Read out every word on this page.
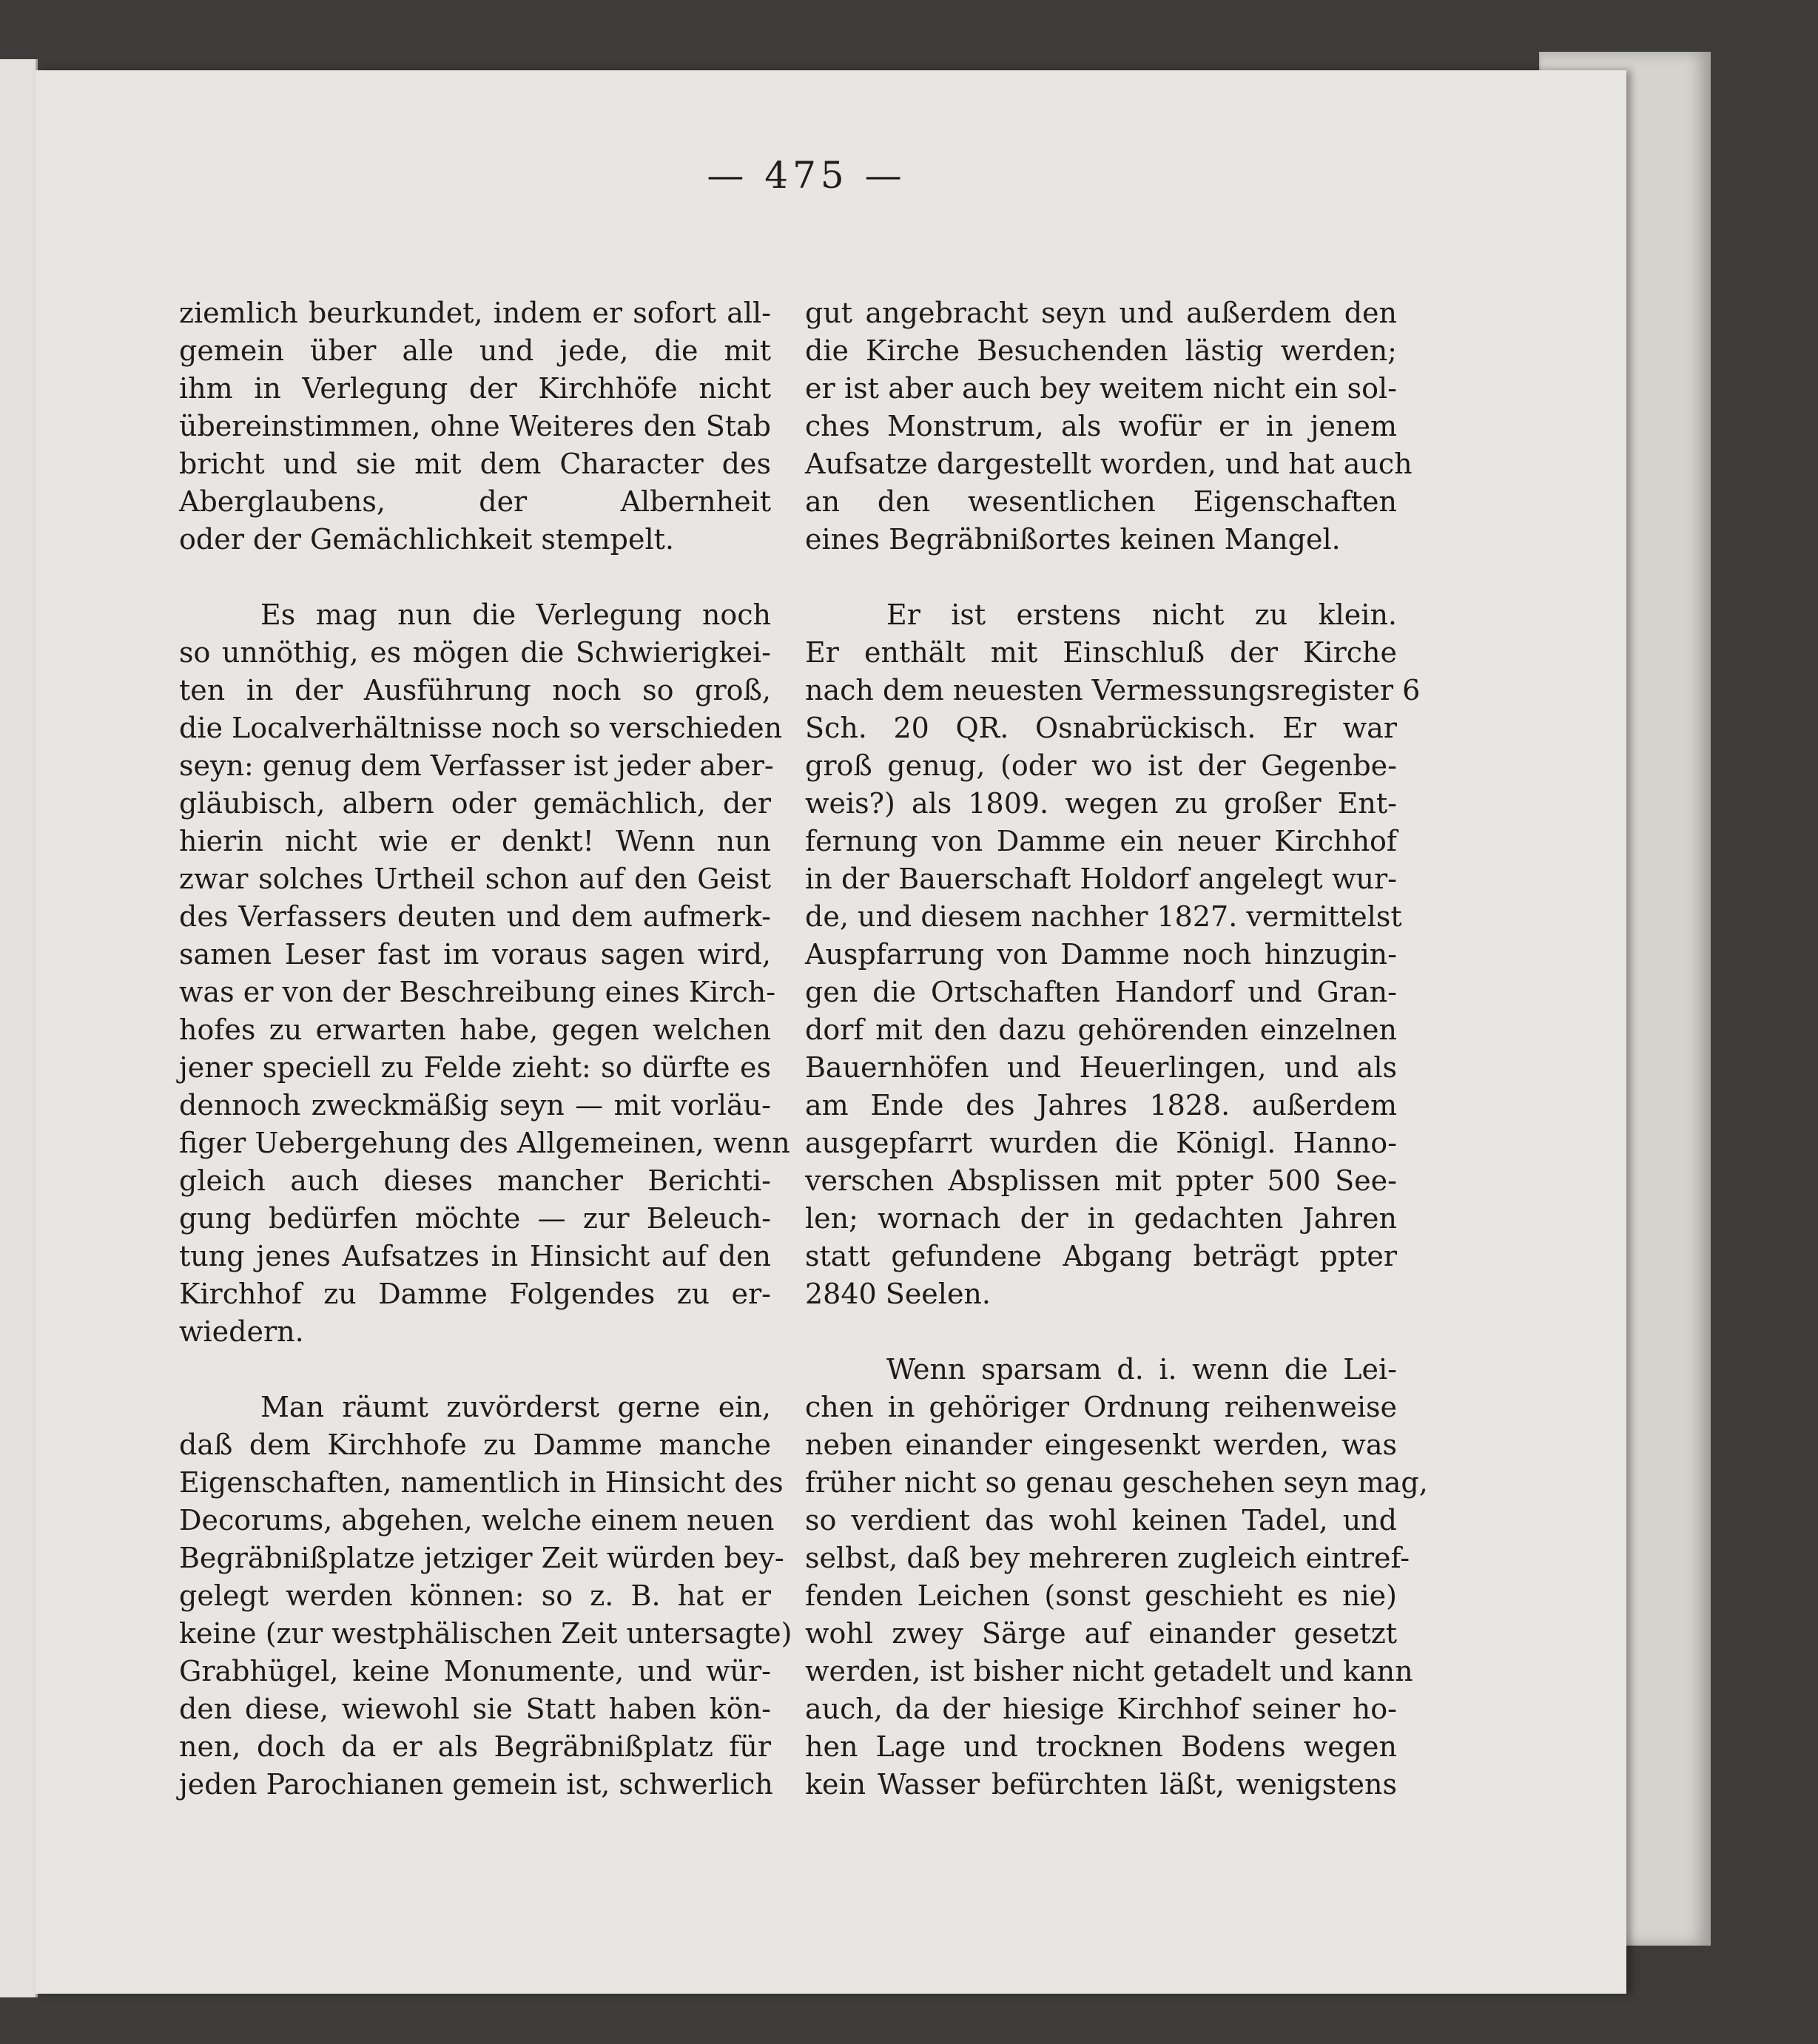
— 475 —
ziemlich beurkundet, indem er sofort all-
gemein über alle und jede, die mit
ihm in Verlegung der Kirchhöfe nicht
übereinstimmen, ohne Weiteres den Stab
bricht und sie mit dem Character des
Aberglaubens, der Albernheit
oder der Gemächlichkeit stempelt.
Es mag nun die Verlegung noch
so unnöthig, es mögen die Schwierigkei-
ten in der Ausführung noch so groß,
die Localverhältnisse noch so verschieden
seyn: genug dem Verfasser ist jeder aber-
gläubisch, albern oder gemächlich, der
hierin nicht wie er denkt! Wenn nun
zwar solches Urtheil schon auf den Geist
des Verfassers deuten und dem aufmerk-
samen Leser fast im voraus sagen wird,
was er von der Beschreibung eines Kirch-
hofes zu erwarten habe, gegen welchen
jener speciell zu Felde zieht: so dürfte es
dennoch zweckmäßig seyn — mit vorläu-
figer Uebergehung des Allgemeinen, wenn
gleich auch dieses mancher Berichti-
gung bedürfen möchte — zur Beleuch-
tung jenes Aufsatzes in Hinsicht auf den
Kirchhof zu Damme Folgendes zu er-
wiedern.
Man räumt zuvörderst gerne ein,
daß dem Kirchhofe zu Damme manche
Eigenschaften, namentlich in Hinsicht des
Decorums, abgehen, welche einem neuen
Begräbnißplatze jetziger Zeit würden bey-
gelegt werden können: so z. B. hat er
keine (zur westphälischen Zeit untersagte)
Grabhügel, keine Monumente, und wür-
den diese, wiewohl sie Statt haben kön-
nen, doch da er als Begräbnißplatz für
jeden Parochianen gemein ist, schwerlich
gut angebracht seyn und außerdem den
die Kirche Besuchenden lästig werden;
er ist aber auch bey weitem nicht ein sol-
ches Monstrum, als wofür er in jenem
Aufsatze dargestellt worden, und hat auch
an den wesentlichen Eigenschaften
eines Begräbnißortes keinen Mangel.
Er ist erstens nicht zu klein.
Er enthält mit Einschluß der Kirche
nach dem neuesten Vermessungsregister 6
Sch. 20 QR. Osnabrückisch. Er war
groß genug, (oder wo ist der Gegenbe-
weis?) als 1809. wegen zu großer Ent-
fernung von Damme ein neuer Kirchhof
in der Bauerschaft Holdorf angelegt wur-
de, und diesem nachher 1827. vermittelst
Auspfarrung von Damme noch hinzugin-
gen die Ortschaften Handorf und Gran-
dorf mit den dazu gehörenden einzelnen
Bauernhöfen und Heuerlingen, und als
am Ende des Jahres 1828. außerdem
ausgepfarrt wurden die Königl. Hanno-
verschen Absplissen mit ppter 500 See-
len; wornach der in gedachten Jahren
statt gefundene Abgang beträgt ppter
2840 Seelen.
Wenn sparsam d. i. wenn die Lei-
chen in gehöriger Ordnung reihenweise
neben einander eingesenkt werden, was
früher nicht so genau geschehen seyn mag,
so verdient das wohl keinen Tadel, und
selbst, daß bey mehreren zugleich eintref-
fenden Leichen (sonst geschieht es nie)
wohl zwey Särge auf einander gesetzt
werden, ist bisher nicht getadelt und kann
auch, da der hiesige Kirchhof seiner ho-
hen Lage und trocknen Bodens wegen
kein Wasser befürchten läßt, wenigstens
